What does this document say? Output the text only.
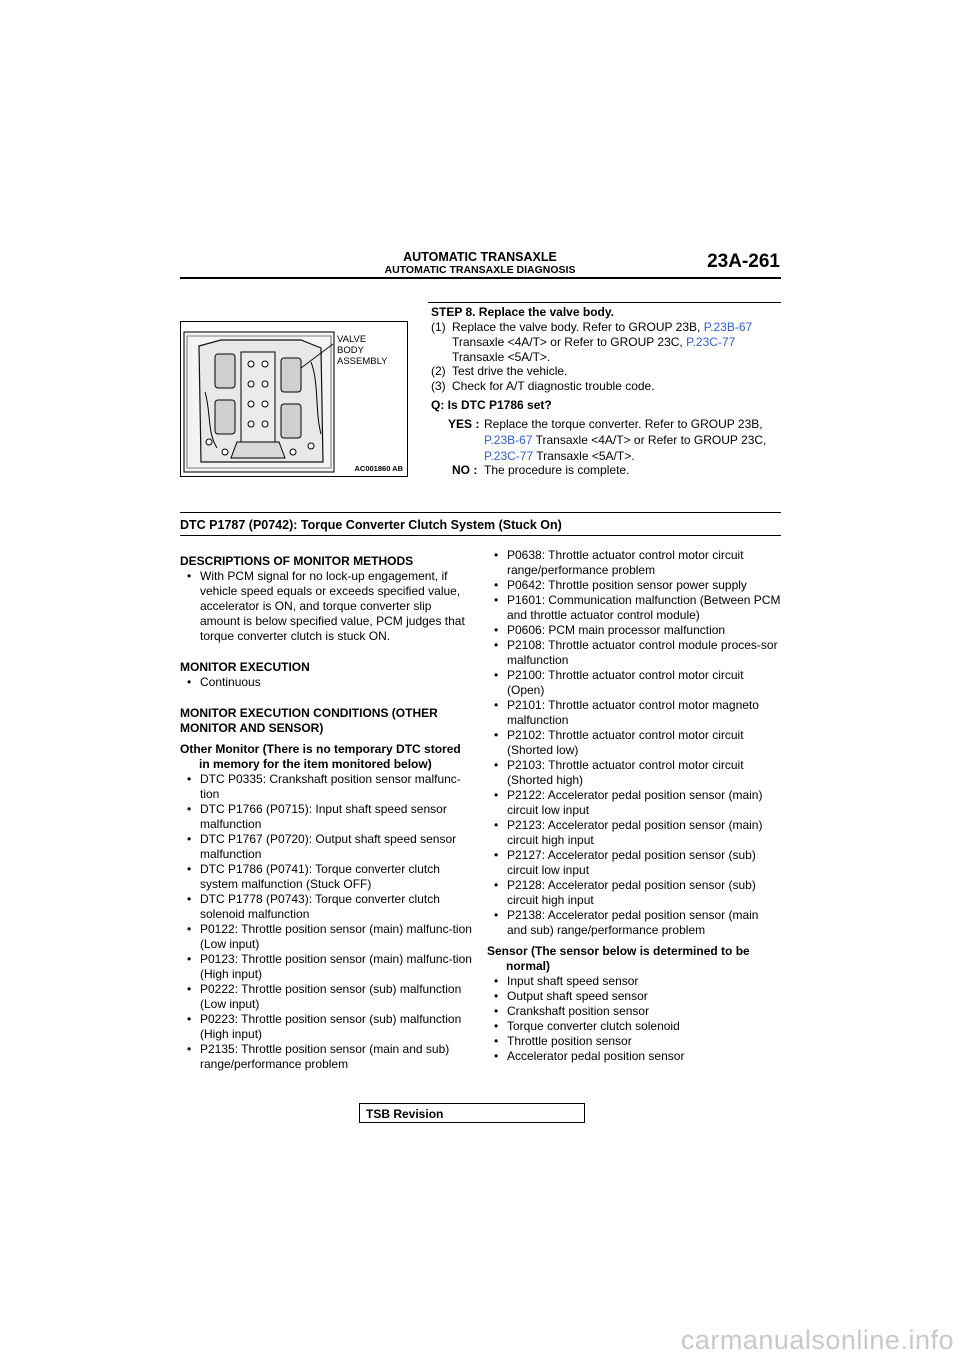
AUTOMATIC TRANSAXLE
AUTOMATIC TRANSAXLE DIAGNOSIS	23A-261
VALVE
BODY
ASSEMBLY
AC001860 AB
STEP 8. Replace the valve body.
(1) Replace the valve body. Refer to GROUP 23B, P.23B-67
Transaxle <4A/T> or Refer to GROUP 23C, P.23C-77
Transaxle <5A/T>.
(2) Test drive the vehicle.
(3) Check for A/T diagnostic trouble code.
Q: Is DTC P1786 set?
YES : Replace the torque converter. Refer to GROUP 23B,
P.23B-67 Transaxle <4A/T> or Refer to GROUP 23C,
P.23C-77 Transaxle <5A/T>.
NO : The procedure is complete.
DTC P1787 (P0742): Torque Converter Clutch System (Stuck On)

DESCRIPTIONS OF MONITOR METHODS

• With PCM signal for no lock-up engagement, if vehicle speed equals or exceeds specified value, accelerator is ON, and torque converter slip amount is below specified value, PCM judges that torque converter clutch is stuck ON.

MONITOR EXECUTION

• Continuous

MONITOR EXECUTION CONDITIONS (OTHER MONITOR AND SENSOR)

Other Monitor (There is no temporary DTC stored in memory for the item monitored below)

• DTC P0335: Crankshaft position sensor malfunc-tion
• DTC P1766 (P0715): Input shaft speed sensor malfunction
• DTC P1767 (P0720): Output shaft speed sensor malfunction
• DTC P1786 (P0741): Torque converter clutch system malfunction (Stuck OFF)
• DTC P1778 (P0743): Torque converter clutch solenoid malfunction
• P0122: Throttle position sensor (main) malfunc-tion (Low input)
• P0123: Throttle position sensor (main) malfunc-tion (High input)
• P0222: Throttle position sensor (sub) malfunction (Low input)
• P0223: Throttle position sensor (sub) malfunction (High input)
• P2135: Throttle position sensor (main and sub) range/performance problem
• P0638: Throttle actuator control motor circuit range/performance problem
• P0642: Throttle position sensor power supply
• P1601: Communication malfunction (Between PCM and throttle actuator control module)
• P0606: PCM main processor malfunction
• P2108: Throttle actuator control module proces-sor malfunction
• P2100: Throttle actuator control motor circuit (Open)
• P2101: Throttle actuator control motor magneto malfunction
• P2102: Throttle actuator control motor circuit (Shorted low)
• P2103: Throttle actuator control motor circuit (Shorted high)
• P2122: Accelerator pedal position sensor (main) circuit low input
• P2123: Accelerator pedal position sensor (main) circuit high input
• P2127: Accelerator pedal position sensor (sub) circuit low input
• P2128: Accelerator pedal position sensor (sub) circuit high input
• P2138: Accelerator pedal position sensor (main and sub) range/performance problem

Sensor (The sensor below is determined to be normal)

• Input shaft speed sensor
• Output shaft speed sensor
• Crankshaft position sensor
• Torque converter clutch solenoid
• Throttle position sensor
• Accelerator pedal position sensor
TSB Revision
carmanualsonline.info
